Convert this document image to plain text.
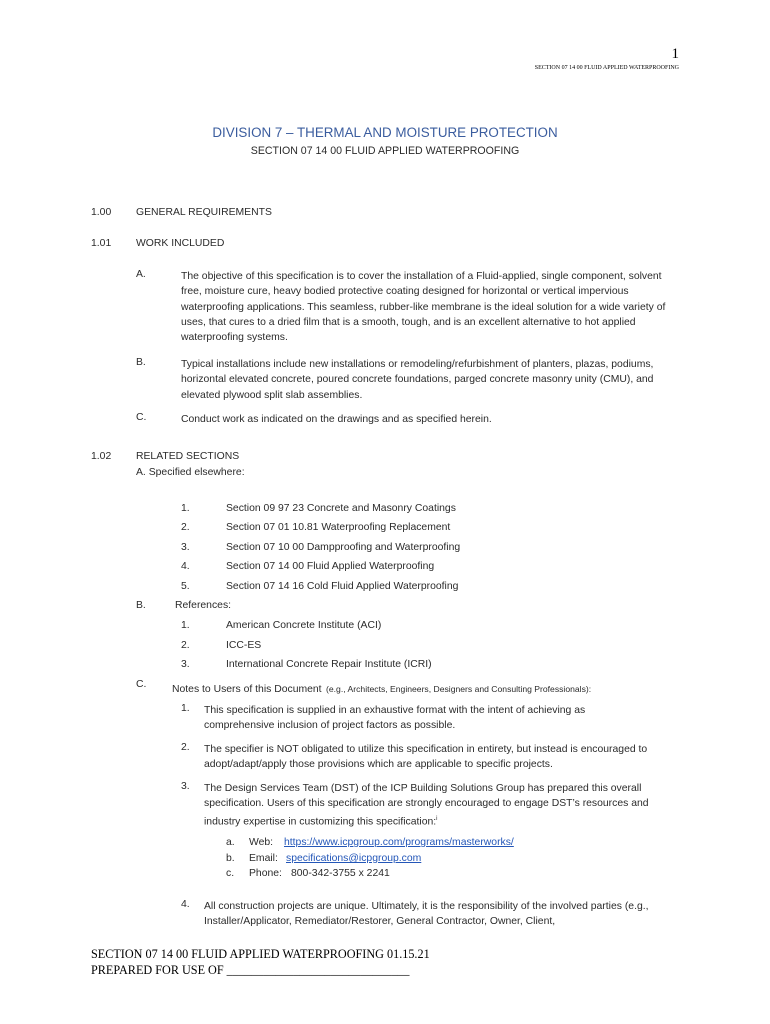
1
SECTION 07 14 00 FLUID APPLIED WATERPROOFING
DIVISION 7 – THERMAL AND MOISTURE PROTECTION
SECTION 07 14 00 FLUID APPLIED WATERPROOFING
1.00 GENERAL REQUIREMENTS
1.01 WORK INCLUDED
A.	The objective of this specification is to cover the installation of a Fluid-applied, single component, solvent free, moisture cure, heavy bodied protective coating designed for horizontal or vertical impervious waterproofing applications. This seamless, rubber-like membrane is the ideal solution for a wide variety of uses, that cures to a dried film that is a smooth, tough, and is an excellent alternative to hot applied waterproofing systems.
B.	Typical installations include new installations or remodeling/refurbishment of planters, plazas, podiums, horizontal elevated concrete, poured concrete foundations, parged concrete masonry unity (CMU), and elevated plywood split slab assemblies.
C.	Conduct work as indicated on the drawings and as specified herein.
1.02 RELATED SECTIONS
A. Specified elsewhere:
1.	Section 09 97 23 Concrete and Masonry Coatings
2.	Section 07 01 10.81 Waterproofing Replacement
3.	Section 07 10 00 Dampproofing and Waterproofing
4.	Section 07 14 00 Fluid Applied Waterproofing
5.	Section 07 14 16 Cold Fluid Applied Waterproofing
B.	References:
1.	American Concrete Institute (ACI)
2.	ICC-ES
3.	International Concrete Repair Institute (ICRI)
C. Notes to Users of this Document (e.g., Architects, Engineers, Designers and Consulting Professionals):
1. This specification is supplied in an exhaustive format with the intent of achieving as comprehensive inclusion of project factors as possible.
2. The specifier is NOT obligated to utilize this specification in entirety, but instead is encouraged to adopt/adapt/apply those provisions which are applicable to specific projects.
3. The Design Services Team (DST) of the ICP Building Solutions Group has prepared this overall specification. Users of this specification are strongly encouraged to engage DST’s resources and industry expertise in customizing this specification:$^i$
a. Web: https://www.icpgroup.com/programs/masterworks/
b. Email: specifications@icpgroup.com
c. Phone: 800-342-3755 x 2241
4. All construction projects are unique. Ultimately, it is the responsibility of the involved parties (e.g., Installer/Applicator, Remediator/Restorer, General Contractor, Owner, Client,
SECTION 07 14 00 FLUID APPLIED WATERPROOFING 01.15.21
PREPARED FOR USE OF ______________________________
